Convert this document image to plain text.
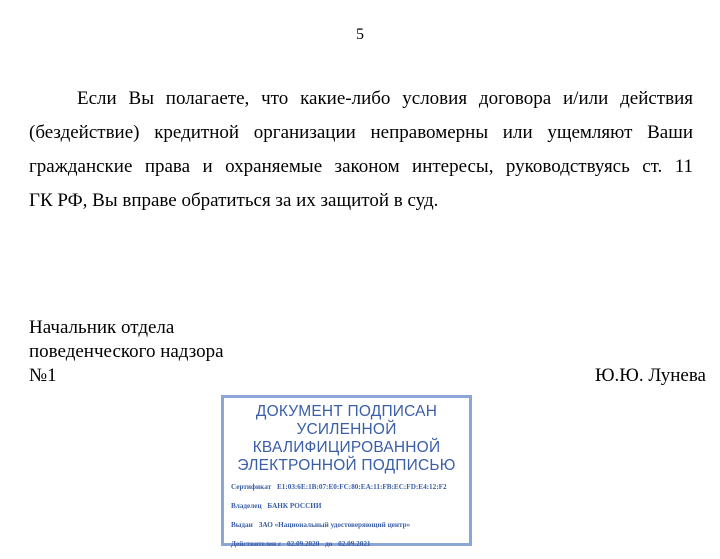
5
Если Вы полагаете, что какие-либо условия договора и/или действия
(бездействие) кредитной организации неправомерны или ущемляют Ваши
гражданские права и охраняемые законом интересы, руководствуясь ст. 11
ГК РФ, Вы вправе обратиться за их защитой в суд.
Начальник отдела
поведенческого надзора
№1	Ю.Ю. Лунева
ДОКУМЕНТ ПОДПИСАН
УСИЛЕННОЙ
КВАЛИФИЦИРОВАННОЙ
ЭЛЕКТРОННОЙ ПОДПИСЬЮ
Сертификат E1:03:6E:1B:07:E0:FC:80:EA:11:FB:EC:FD:E4:12:F2
Владелец БАНК РОССИИ
Выдан ЗАО «Национальный удостоверяющий центр»
Действителен с 02.09.2020 до 02.09.2021
